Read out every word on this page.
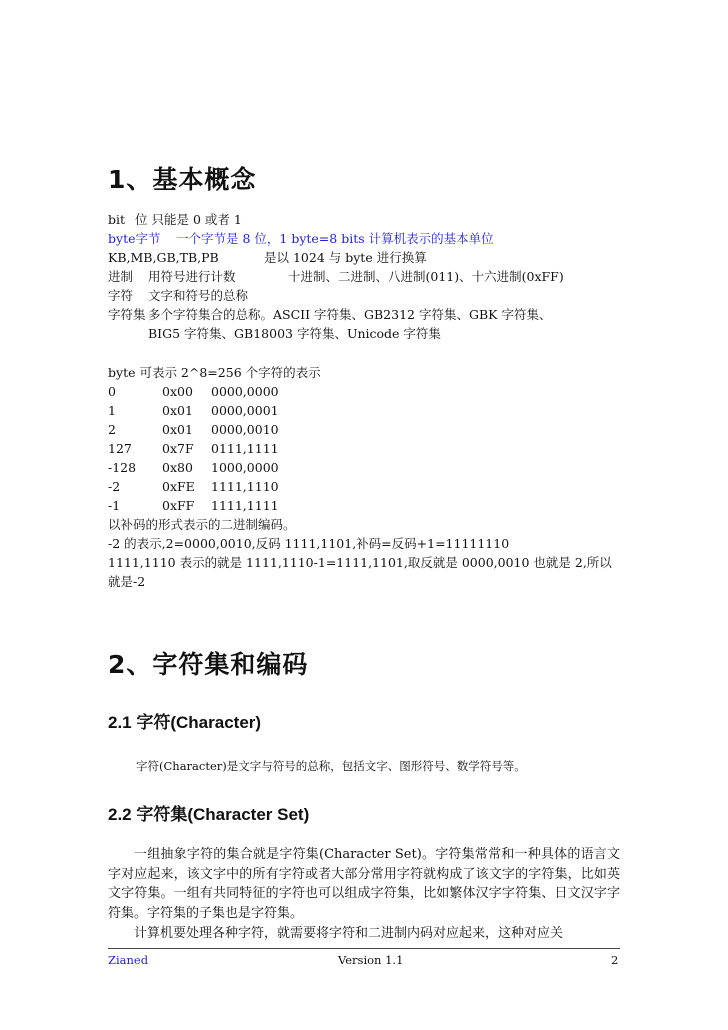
1、基本概念
bit 位 只能是 0 或者 1
byte字节 一个字节是 8 位，1 byte=8 bits 计算机表示的基本单位
KB,MB,GB,TB,PB	是以 1024 与 byte 进行换算
进制 用符号进行计数	十进制、二进制、八进制(011)、十六进制(0xFF)
字符 文字和符号的总称
字符集 多个字符集合的总称。ASCII 字符集、GB2312 字符集、GBK 字符集、
BIG5 字符集、GB18003 字符集、Unicode 字符集
byte 可表示 2^8=256 个字符的表示
0	0x00 0000,0000
1	0x01 0000,0001
2	0x01 0000,0010
127 0x7F 0111,1111
-128 0x80 1000,0000
-2	0xFE 1111,1110
-1	0xFF 1111,1111
以补码的形式表示的二进制编码。
-2 的表示,2=0000,0010,反码 1111,1101,补码=反码+1=11111110
1111,1110 表示的就是 1111,1110-1=1111,1101,取反就是 0000,0010 也就是 2,所以
就是-2
2、字符集和编码
2.1 字符(Character)
字符(Character)是文字与符号的总称，包括文字、图形符号、数学符号等。
2.2 字符集(Character Set)
一组抽象字符的集合就是字符集(Character Set)。字符集常常和一种具体的语言文字对应起来，该文字中的所有字符或者大部分常用字符就构成了该文字的字符集，比如英文字符集。一组有共同特征的字符也可以组成字符集，比如繁体汉字字符集、日文汉字字符集。字符集的子集也是字符集。
计算机要处理各种字符，就需要将字符和二进制内码对应起来，这种对应关
Zianed	Version 1.1	2
